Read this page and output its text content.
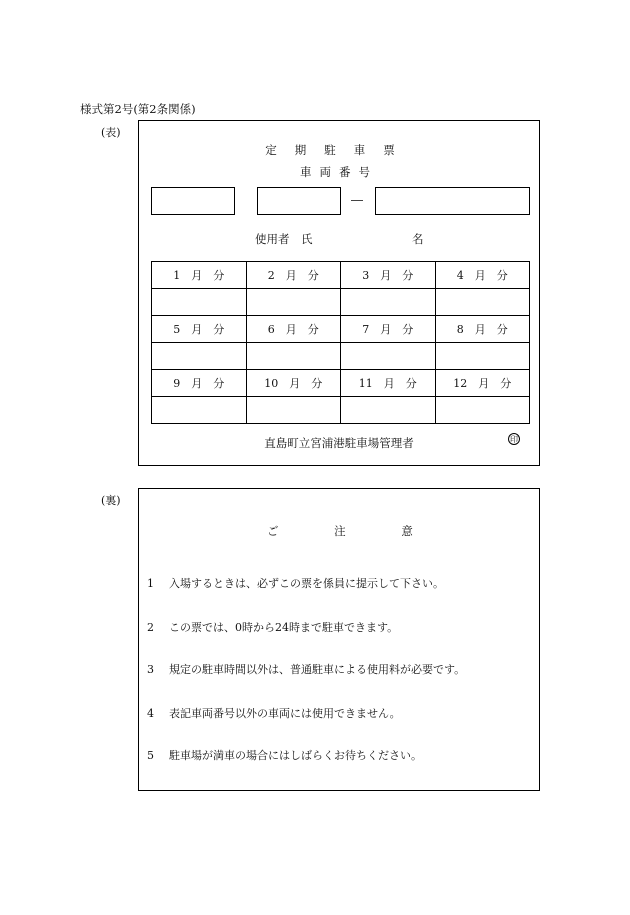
様式第2号(第2条関係)
(表)
定期駐車票
車両番号
―
使用者　氏	名
1　月　分	2　月　分	3　月　分	4　月　分

5　月　分	6　月　分	7　月　分	8　月　分

9　月　分	10　月　分	11　月　分	12　月　分

直島町立宮浦港駐車場管理者	印
(裏)
ご	注	意
1 入場するときは、必ずこの票を係員に提示して下さい。
2 この票では、0時から24時まで駐車できます。
3 規定の駐車時間以外は、普通駐車による使用料が必要です。
4 表記車両番号以外の車両には使用できません。
5 駐車場が満車の場合にはしばらくお待ちください。
